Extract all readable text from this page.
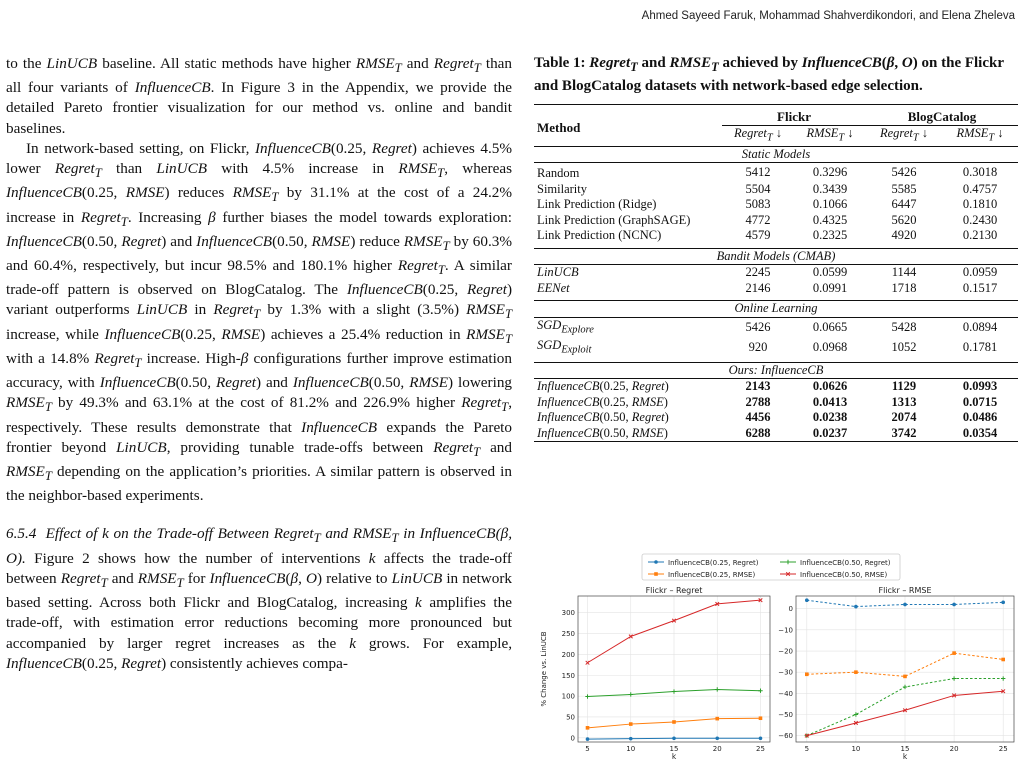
Ahmed Sayeed Faruk, Mohammad Shahverdikondori, and Elena Zheleva

to the LinUCB baseline. All static methods have higher $RMSE_T$ and Regret$_T$ than all four variants of InfluenceCB. In Figure 3 in the Appendix, we provide the detailed Pareto frontier visualization for our method vs. online and bandit baselines.

In network-based setting, on Flickr, InfluenceCB(0.25, Regret) achieves 4.5% lower Regret$_T$ than LinUCB with 4.5% increase in $RMSE_T$, whereas InfluenceCB(0.25, RMSE) reduces $RMSE_T$ by 31.1% at the cost of a 24.2% increase in Regret$_T$. Increasing β further biases the model towards exploration: InfluenceCB(0.50, Regret) and InfluenceCB(0.50, RMSE) reduce $RMSE_T$ by 60.3% and 60.4%, respectively, but incur 98.5% and 180.1% higher Regret$_T$. A similar trade-off pattern is observed on BlogCatalog. The InfluenceCB(0.25, Regret) variant outperforms LinUCB in Regret$_T$ by 1.3% with a slight (3.5%) $RMSE_T$ increase, while InfluenceCB(0.25, RMSE) achieves a 25.4% reduction in $RMSE_T$ with a 14.8% Regret$_T$ increase. High-β configurations further improve estimation accuracy, with InfluenceCB(0.50, Regret) and InfluenceCB(0.50, RMSE) lowering $RMSE_T$ by 49.3% and 63.1% at the cost of 81.2% and 226.9% higher Regret$_T$, respectively. These results demonstrate that InfluenceCB expands the Pareto frontier beyond LinUCB, providing tunable trade-offs between Regret$_T$ and $RMSE_T$ depending on the application’s priorities. A similar pattern is observed in the neighbor-based experiments.

6.5.4  Effect of k on the Trade-off Between Regret$_T$ and $RMSE_T$ in InfluenceCB(β, O). Figure 2 shows how the number of interventions k affects the trade-off between Regret$_T$ and $RMSE_T$ for InfluenceCB(β, O) relative to LinUCB in network based setting. Across both Flickr and BlogCatalog, increasing k amplifies the trade-off, with estimation error reductions becoming more pronounced but accompanied by larger regret increases as the k grows. For example, InfluenceCB(0.25, Regret) consistently achieves compa-

Table 1: Regret$_T$ and $RMSE_T$ achieved by InfluenceCB(β, O) on the Flickr and BlogCatalog datasets with network-based edge selection.

Method	Flickr		BlogCatalog	
	Regret$_T$ ↓	$RMSE_T$ ↓	Regret$_T$ ↓	$RMSE_T$ ↓
Static Models				
Random	5412	0.3296	5426	0.3018
Similarity	5504	0.3439	5585	0.4757
Link Prediction (Ridge)	5083	0.1066	6447	0.1810
Link Prediction (GraphSAGE)	4772	0.4325	5620	0.2430
Link Prediction (NCNC)	4579	0.2325	4920	0.2130

Bandit Models (CMAB)				
LinUCB	2245	0.0599	1144	0.0959
EENet	2146	0.0991	1718	0.1517

Online Learning				
$SGD_{Explore}$	5426	0.0665	5428	0.0894
$SGD_{Exploit}$	920	0.0968	1052	0.1781

Ours: InfluenceCB				
InfluenceCB(0.25, Regret)	2143	0.0626	1129	0.0993
InfluenceCB(0.25, RMSE)	2788	0.0413	1313	0.0715
InfluenceCB(0.50, Regret)	4456	0.0238	2074	0.0486
InfluenceCB(0.50, RMSE)	6288	0.0237	3742	0.0354
InfluenceCB(0.25, Regret)
InfluenceCB(0.25, RMSE)
InfluenceCB(0.50, Regret)
InfluenceCB(0.50, RMSE)
0
50
100
150
200
250
300
5	10	15	20	25
Flickr – Regret
k
% Change vs. LinUCB
0
−10
−20
−30
−40
−50
−60
5	10	15	20	25
Flickr – RMSE
k
